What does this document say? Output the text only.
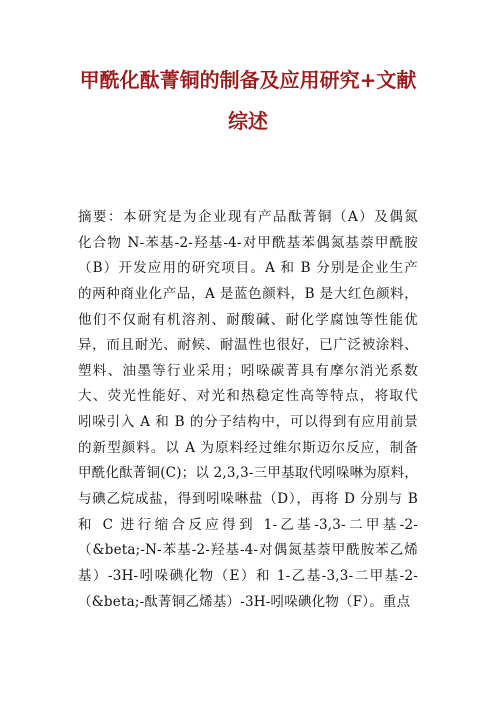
甲酰化酞菁铜的制备及应用研究+文献
综述
摘要：本研究是为企业现有产品酞菁铜（A）及偶氮
化合物 N-苯基-2-羟基-4-对甲酰基苯偶氮基萘甲酰胺
（B）开发应用的研究项目。A 和 B 分别是企业生产
的两种商业化产品，A 是蓝色颜料，B 是大红色颜料，
他们不仅耐有机溶剂、耐酸碱、耐化学腐蚀等性能优
异，而且耐光、耐候、耐温性也很好，已广泛被涂料、
塑料、油墨等行业采用；吲哚碳菁具有摩尔消光系数
大、荧光性能好、对光和热稳定性高等特点，将取代
吲哚引入 A 和 B 的分子结构中，可以得到有应用前景
的新型颜料。以 A 为原料经过维尔斯迈尔反应，制备
甲酰化酞菁铜(C)；以 2,3,3-三甲基取代吲哚啉为原料，
与碘乙烷成盐，得到吲哚啉盐（D），再将 D 分别与 B
和 C 进行缩合反应得到 1-乙基-3,3-二甲基-2-
（&beta;-N-苯基-2-羟基-4-对偶氮基萘甲酰胺苯乙烯
基）-3H-吲哚碘化物（E）和 1-乙基-3,3-二甲基-2-
（&beta;-酞菁铜乙烯基）-3H-吲哚碘化物（F）。重点
